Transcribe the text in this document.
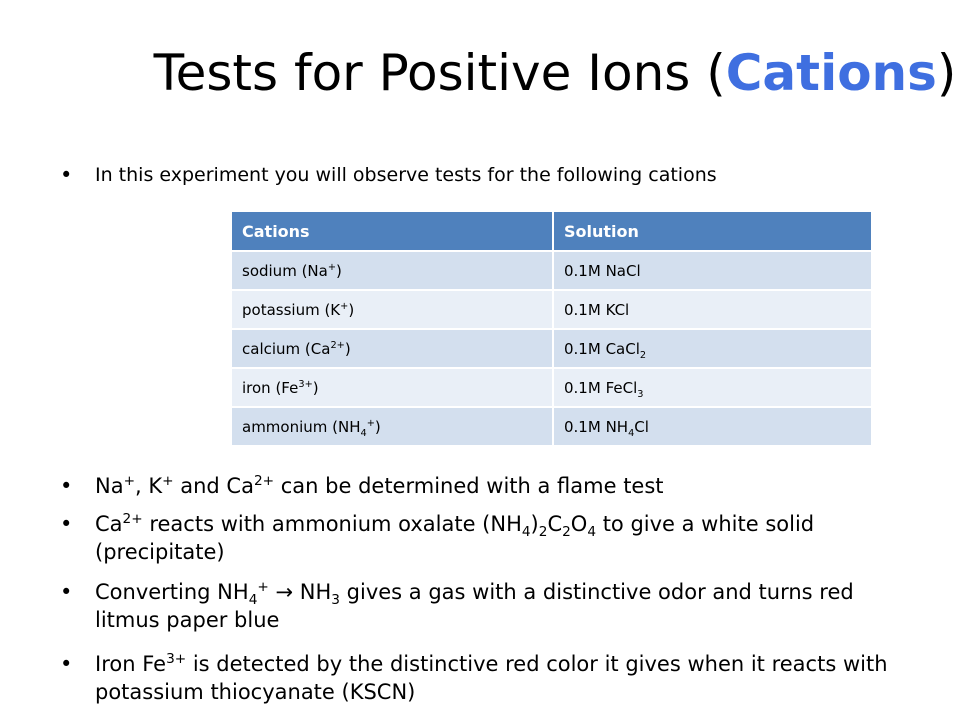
Tests for Positive Ions (Cations)
•	In this experiment you will observe tests for the following cations
•	Na+, K+ and $Ca^{2+}$ can be determined with a flame test
•	$Ca^{2+}$ reacts with ammonium oxalate $(NH_4)_2C_2O_4$ to give a white solid (precipitate)
•	Converting $NH_4^+ \to NH_3$ gives a gas with a distinctive odor and turns red litmus paper blue
•	Iron $Fe^{3+}$ is detected by the distinctive red color it gives when it reacts with potassium thiocyanate (KSCN)
Cations	Solution
sodium (Na+)	0.1M NaCl
potassium (K+)	0.1M KCl
calcium $(Ca^{2+})$	0.1M CaCl$_2$
iron $(Fe^{3+})$	0.1M FeCl$_3$
ammonium $(NH_4^+)$	0.1M $NH_4Cl$
